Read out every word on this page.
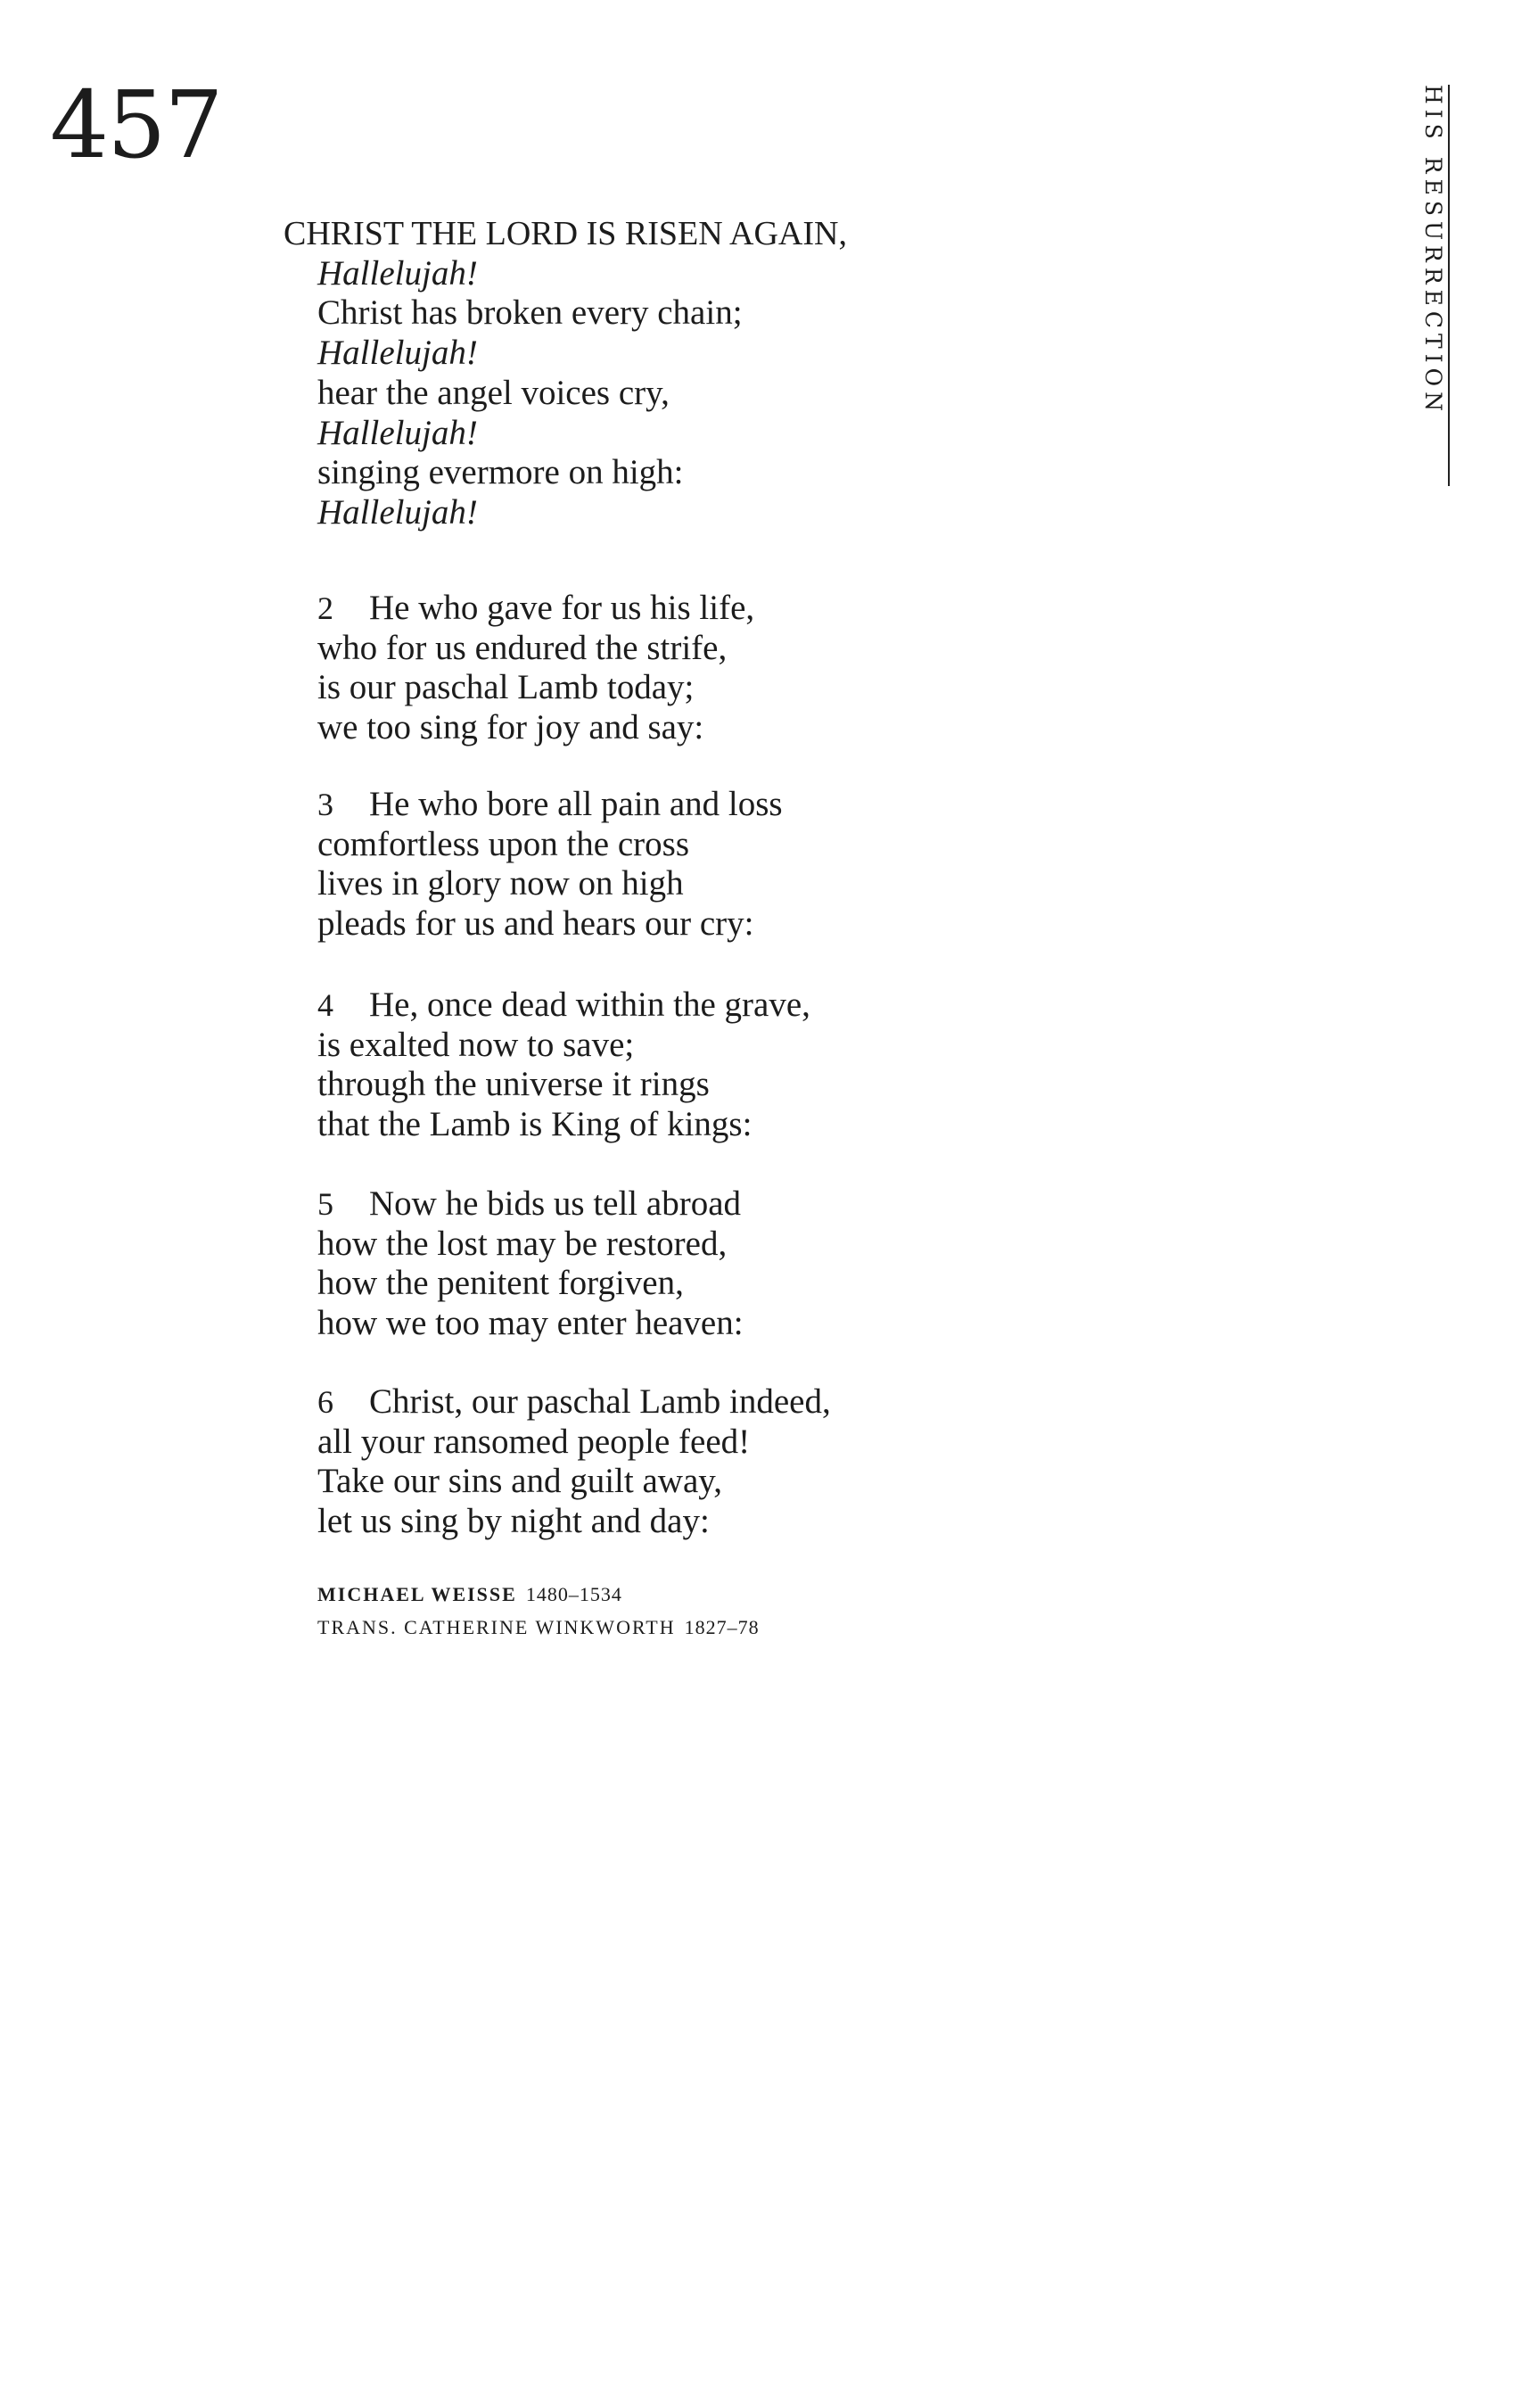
457	HIS RESURRECTION
CHRIST THE LORD IS RISEN AGAIN,
Hallelujah!
Christ has broken every chain;
Hallelujah!
hear the angel voices cry,
Hallelujah!
singing evermore on high:
Hallelujah!
2 He who gave for us his life,
who for us endured the strife,
is our paschal Lamb today;
we too sing for joy and say:
3 He who bore all pain and loss
comfortless upon the cross
lives in glory now on high
pleads for us and hears our cry:
4 He, once dead within the grave,
is exalted now to save;
through the universe it rings
that the Lamb is King of kings:
5 Now he bids us tell abroad
how the lost may be restored,
how the penitent forgiven,
how we too may enter heaven:
6 Christ, our paschal Lamb indeed,
all your ransomed people feed!
Take our sins and guilt away,
let us sing by night and day:
MICHAEL WEISSE 1480–1534
TRANS. CATHERINE WINKWORTH 1827–78
